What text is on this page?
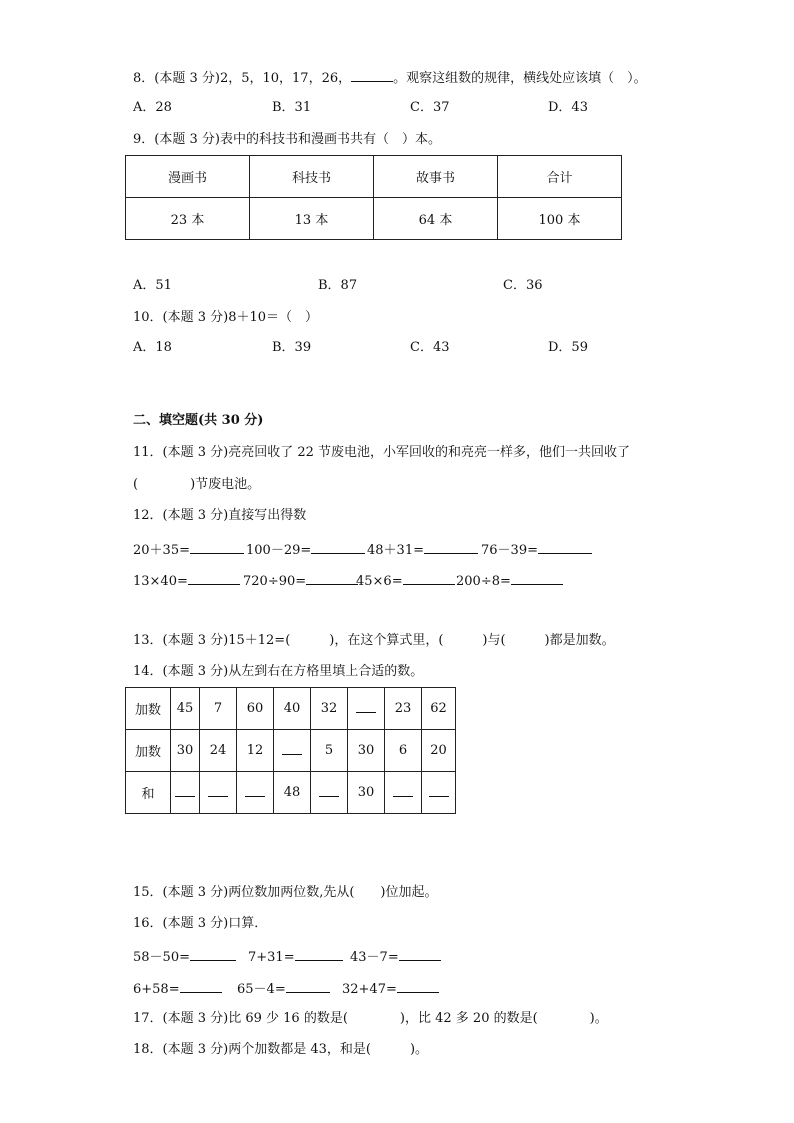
8．(本题 3 分)2，5，10，17，26，	。观察这组数的规律，横线处应该填（　）。
A．28	B．31	C．37	D．43
9．(本题 3 分)表中的科技书和漫画书共有（　）本。
漫画书	科技书	故事书	合计
23 本	13 本	64 本	100 本
A．51	B．87	C．36
10．(本题 3 分)8＋10＝（　）
A．18	B．39	C．43	D．59
二、填空题(共 30 分)
11．(本题 3 分)亮亮回收了 22 节废电池，小军回收的和亮亮一样多，他们一共回收了
(　　　　)节废电池。
12．(本题 3 分)直接写出得数
20＋35=	100－29=	48＋31=	76－39=
13×40=	720÷90=	45×6=	200÷8=
13．(本题 3 分)15＋12=(　　　)，在这个算式里，(　　　)与(　　　)都是加数。
14．(本题 3 分)从左到右在方格里填上合适的数。
加数	45	7	60	40	32		23	62
加数	30	24	12		5	30	6	20
和				48		30		
15．(本题 3 分)两位数加两位数,先从(　　)位加起。
16．(本题 3 分)口算．
58－50=	7+31=	43－7=
6+58=	65－4=	32+47=
17．(本题 3 分)比 69 少 16 的数是(　　　　)，比 42 多 20 的数是(　　　　)。
18．(本题 3 分)两个加数都是 43，和是(　　　)。
